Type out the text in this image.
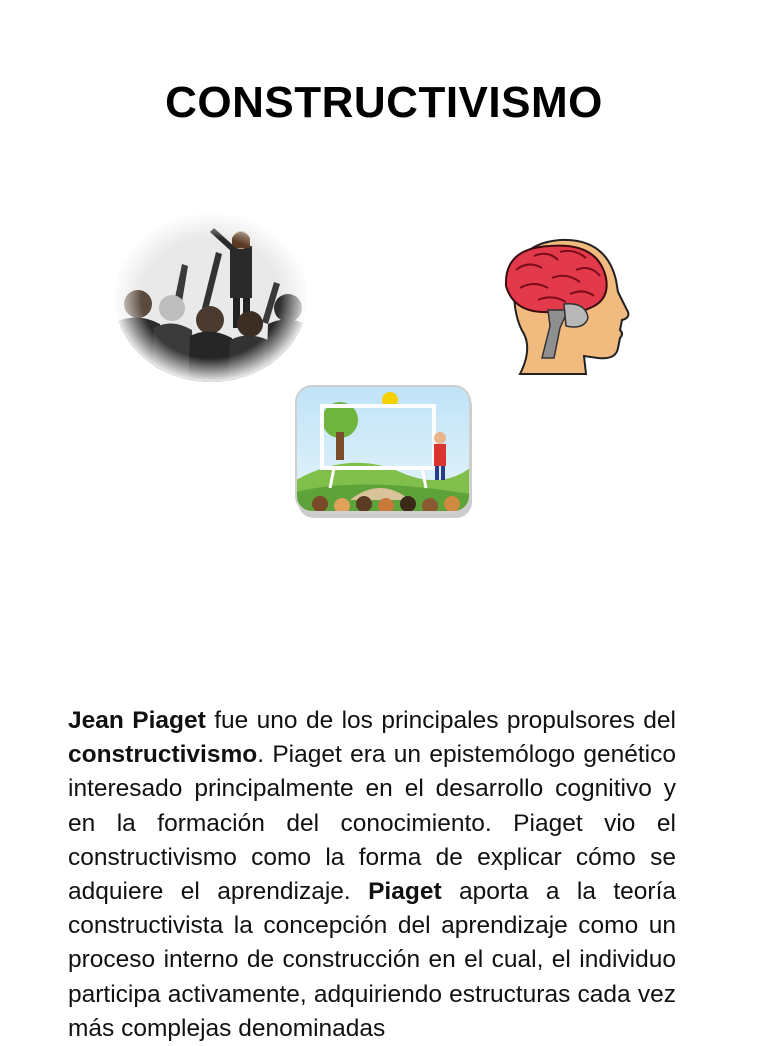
CONSTRUCTIVISMO

Jean Piaget fue uno de los principales propulsores del constructivismo. Piaget era un epistemólogo genético interesado principalmente en el desarrollo cognitivo y en la formación del conocimiento. Piaget vio el constructivismo como la forma de explicar cómo se adquiere el aprendizaje. Piaget aporta a la teoría constructivista la concepción del aprendizaje como un proceso interno de construcción en el cual, el individuo participa activamente, adquiriendo estructuras cada vez más complejas denominadas
